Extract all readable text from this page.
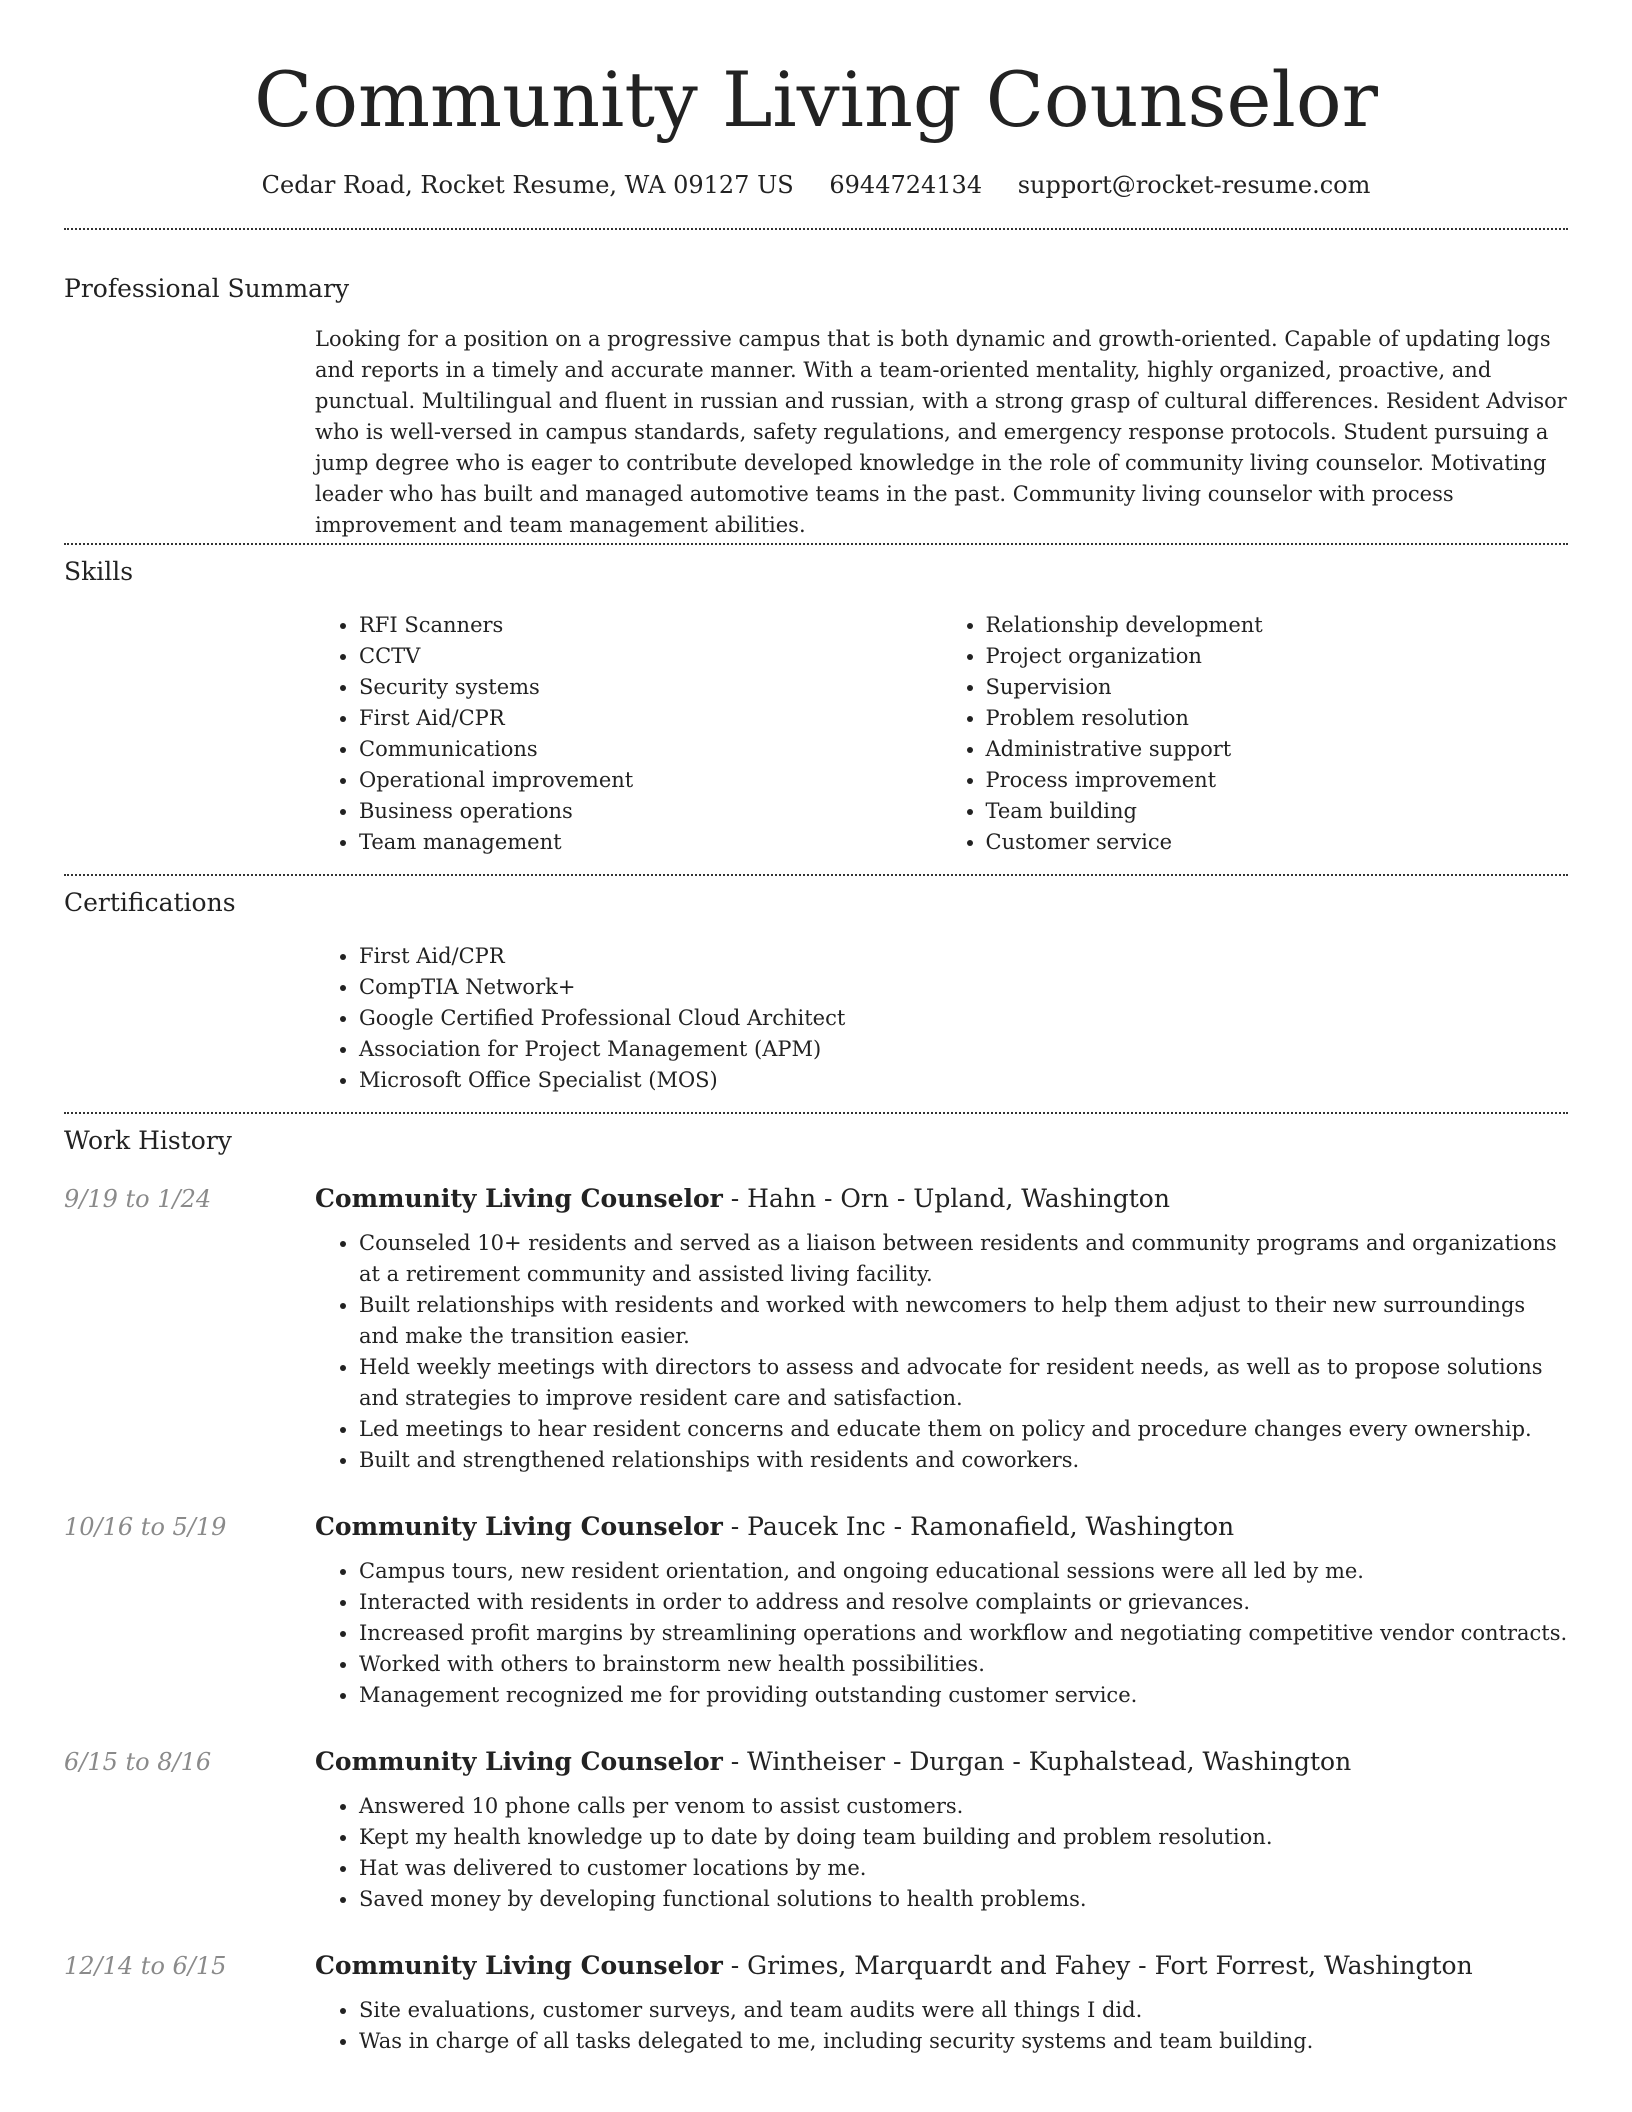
Community Living Counselor
Cedar Road, Rocket Resume, WA 09127 US 6944724134 support@rocket-resume.com
Professional Summary

Looking for a position on a progressive campus that is both dynamic and growth-oriented. Capable of updating logs and reports in a timely and accurate manner. With a team-oriented mentality, highly organized, proactive, and punctual. Multilingual and fluent in russian and russian, with a strong grasp of cultural differences. Resident Advisor who is well-versed in campus standards, safety regulations, and emergency response protocols. Student pursuing a jump degree who is eager to contribute developed knowledge in the role of community living counselor. Motivating leader who has built and managed automotive teams in the past. Community living counselor with process improvement and team management abilities.

Skills
• RFI Scanners
• CCTV
• Security systems
• First Aid/CPR
• Communications
• Operational improvement
• Business operations
• Team management
• Relationship development
• Project organization
• Supervision
• Problem resolution
• Administrative support
• Process improvement
• Team building
• Customer service
Certifications
• First Aid/CPR
• CompTIA Network+
• Google Certified Professional Cloud Architect
• Association for Project Management (APM)
• Microsoft Office Specialist (MOS)
Work History
9/19 to 1/24	Community Living Counselor - Hahn - Orn - Upland, Washington
• Counseled 10+ residents and served as a liaison between residents and community programs and organizations at a retirement community and assisted living facility.
• Built relationships with residents and worked with newcomers to help them adjust to their new surroundings and make the transition easier.
• Held weekly meetings with directors to assess and advocate for resident needs, as well as to propose solutions and strategies to improve resident care and satisfaction.
• Led meetings to hear resident concerns and educate them on policy and procedure changes every ownership.
• Built and strengthened relationships with residents and coworkers.
10/16 to 5/19	Community Living Counselor - Paucek Inc - Ramonafield, Washington
• Campus tours, new resident orientation, and ongoing educational sessions were all led by me.
• Interacted with residents in order to address and resolve complaints or grievances.
• Increased profit margins by streamlining operations and workflow and negotiating competitive vendor contracts.
• Worked with others to brainstorm new health possibilities.
• Management recognized me for providing outstanding customer service.
6/15 to 8/16	Community Living Counselor - Wintheiser - Durgan - Kuphalstead, Washington
• Answered 10 phone calls per venom to assist customers.
• Kept my health knowledge up to date by doing team building and problem resolution.
• Hat was delivered to customer locations by me.
• Saved money by developing functional solutions to health problems.
12/14 to 6/15	Community Living Counselor - Grimes, Marquardt and Fahey - Fort Forrest, Washington
• Site evaluations, customer surveys, and team audits were all things I did.
• Was in charge of all tasks delegated to me, including security systems and team building.
